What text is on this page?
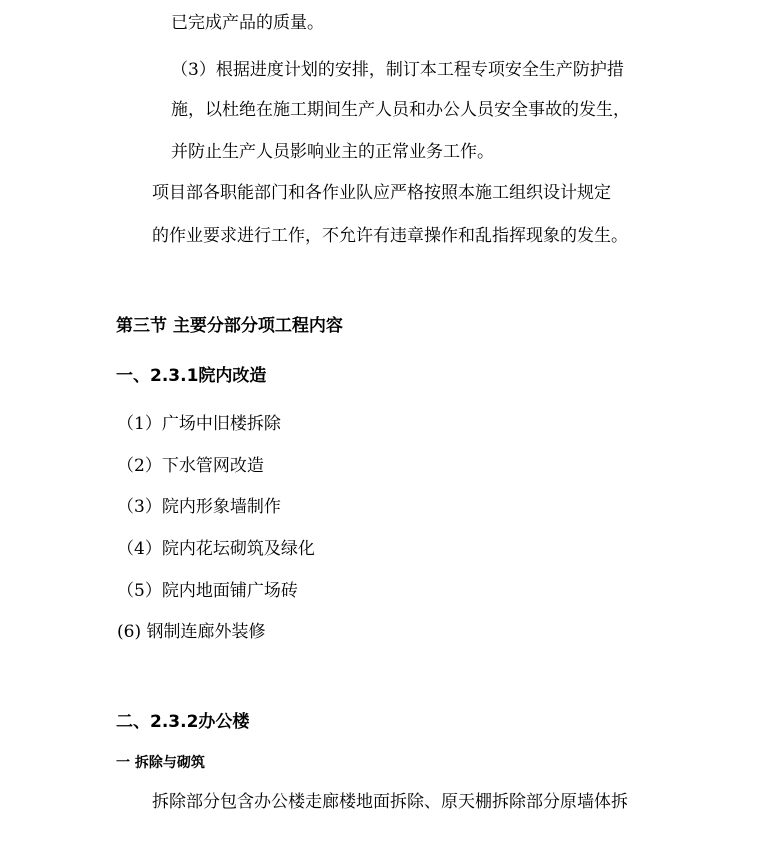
已完成产品的质量。
（3）根据进度计划的安排，制订本工程专项安全生产防护措
施，以杜绝在施工期间生产人员和办公人员安全事故的发生，
并防止生产人员影响业主的正常业务工作。
项目部各职能部门和各作业队应严格按照本施工组织设计规定
的作业要求进行工作，不允许有违章操作和乱指挥现象的发生。
第三节 主要分部分项工程内容
一、2.3.1院内改造
（1）广场中旧楼拆除
（2）下水管网改造
（3）院内形象墙制作
（4）院内花坛砌筑及绿化
（5）院内地面铺广场砖
(6) 钢制连廊外装修
二、2.3.2办公楼
一 拆除与砌筑
拆除部分包含办公楼走廊楼地面拆除、原天棚拆除部分原墙体拆
